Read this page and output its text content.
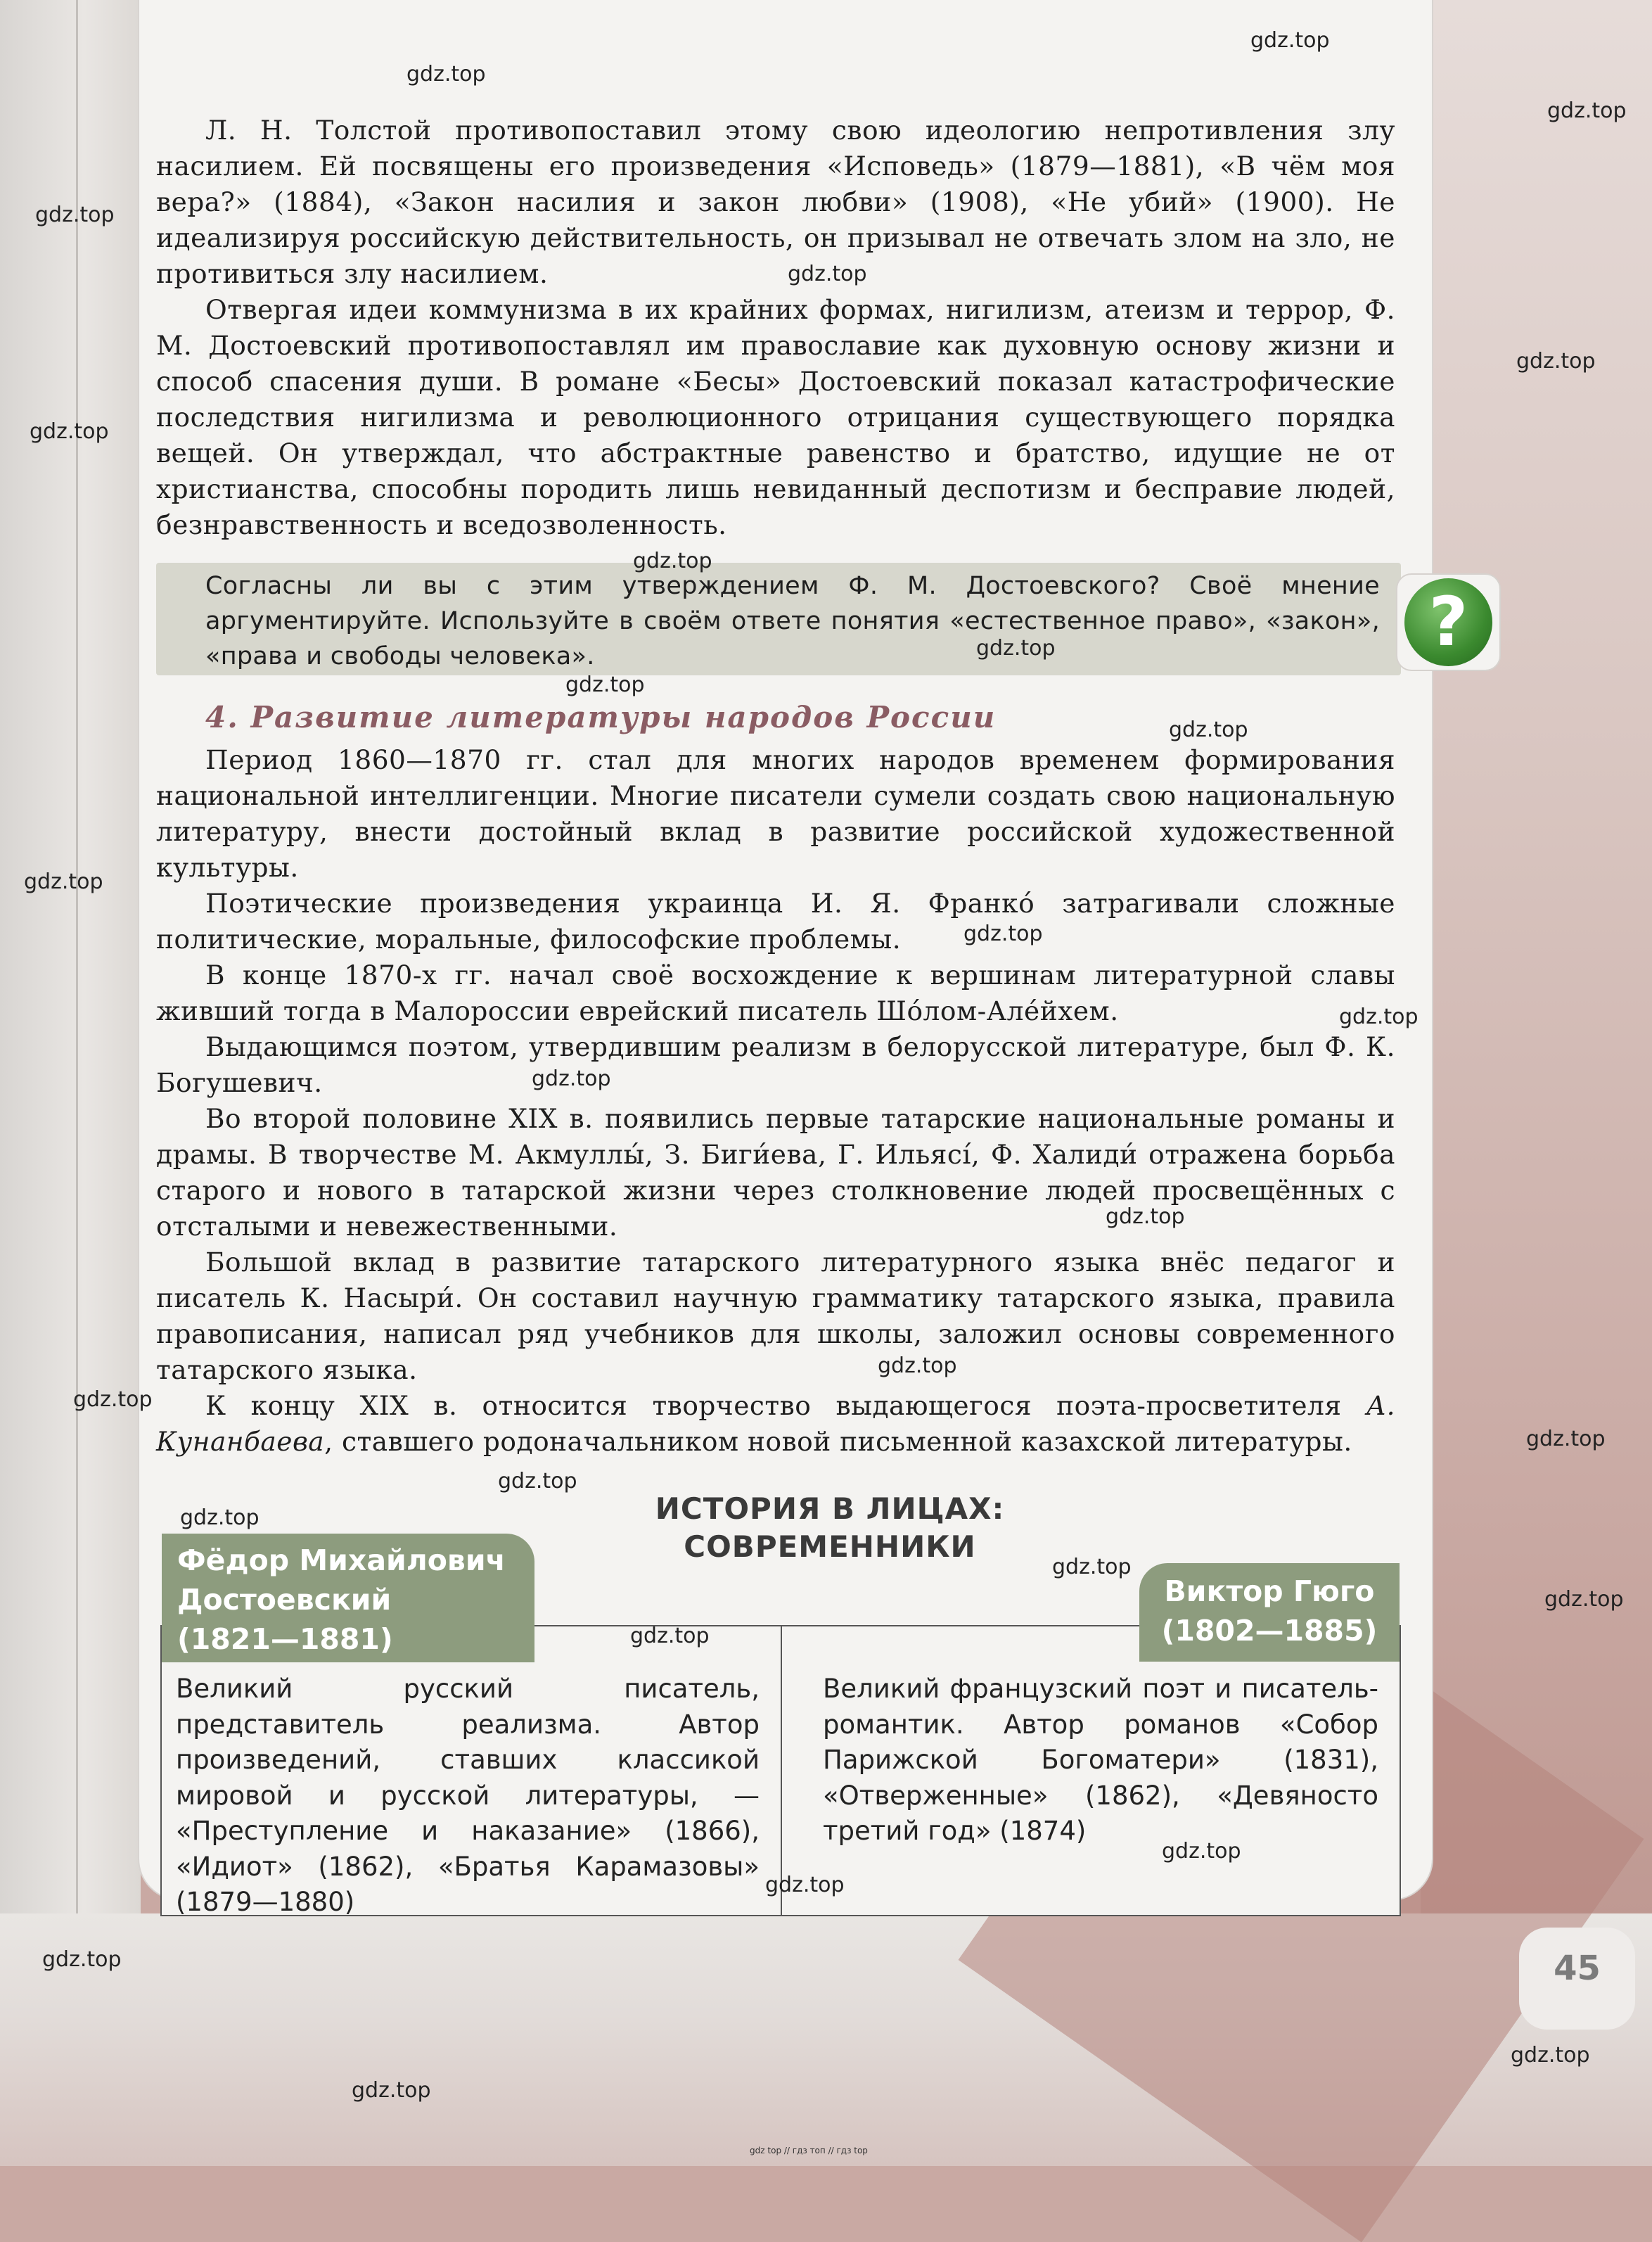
Л. Н. Толстой противопоставил этому свою идеологию непротивления злу насилием. Ей посвящены его произведения «Исповедь» (1879—1881), «В чём моя вера?» (1884), «Закон насилия и закон любви» (1908), «Не убий» (1900). Не идеализируя российскую действительность, он призывал не отвечать злом на зло, не противиться злу насилием.

Отвергая идеи коммунизма в их крайних формах, нигилизм, атеизм и террор, Ф. М. Достоевский противопоставлял им православие как духовную основу жизни и способ спасения души. В романе «Бесы» Достоевский показал катастрофические последствия нигилизма и революционного отрицания существующего порядка вещей. Он утверждал, что абстрактные равенство и братство, идущие не от христианства, способны породить лишь невиданный деспотизм и бесправие людей, безнравственность и вседозволенность.

Согласны ли вы с этим утверждением Ф. М. Достоевского? Своё мнение аргументируйте. Используйте в своём ответе понятия «естественное право», «закон», «права и свободы человека».	?
4. Развитие литературы народов России

Период 1860—1870 гг. стал для многих народов временем формирования национальной интеллигенции. Многие писатели сумели создать свою национальную литературу, внести достойный вклад в развитие российской художественной культуры.

Поэтические произведения украинца И. Я. Франко́ затрагивали сложные политические, моральные, философские проблемы.

В конце 1870-х гг. начал своё восхождение к вершинам литературной славы живший тогда в Малороссии еврейский писатель Шо́лом-Але́йхем.

Выдающимся поэтом, утвердившим реализм в белорусской литературе, был Ф. К. Богушевич.

Во второй половине XIX в. появились первые татарские национальные романы и драмы. В творчестве М. Акмуллы́, З. Биги́ева, Г. Ильясі́, Ф. Халиди́ отражена борьба старого и нового в татарской жизни через столкновение людей просвещённых с отсталыми и невежественными.

Большой вклад в развитие татарского литературного языка внёс педагог и писатель К. Насыри́. Он составил научную грамматику татарского языка, правила правописания, написал ряд учебников для школы, заложил основы современного татарского языка.

К концу XIX в. относится творчество выдающегося поэта-просветителя А. Кунанбаева, ставшего родоначальником новой письменной казахской литературы.

ИСТОРИЯ В ЛИЦАХ:
СОВРЕМЕННИКИ
Фёдор Михайлович
Достоевский
(1821—1881)
Виктор Гюго
(1802—1885)

Великий русский писатель, представитель реализма. Автор произведений, ставших классикой мировой и русской литературы, — «Преступление и наказание» (1866), «Идиот» (1862), «Братья Карамазовы» (1879—1880)

Великий французский поэт и писатель-романтик. Автор романов «Собор Парижской Богоматери» (1831), «Отверженные» (1862), «Девяносто третий год» (1874)

45
gdz.top
gdz.top
gdz.top
gdz.top
gdz.top
gdz.top
gdz.top
gdz.top
gdz.top
gdz.top
gdz.top
gdz.top
gdz.top
gdz.top
gdz.top
gdz.top
gdz.top
gdz.top
gdz.top
gdz.top
gdz.top
gdz.top
gdz.top
gdz.top
gdz.top
gdz.top
gdz.top
gdz.top
gdz.top
gdz top // гдз топ // гдз top
